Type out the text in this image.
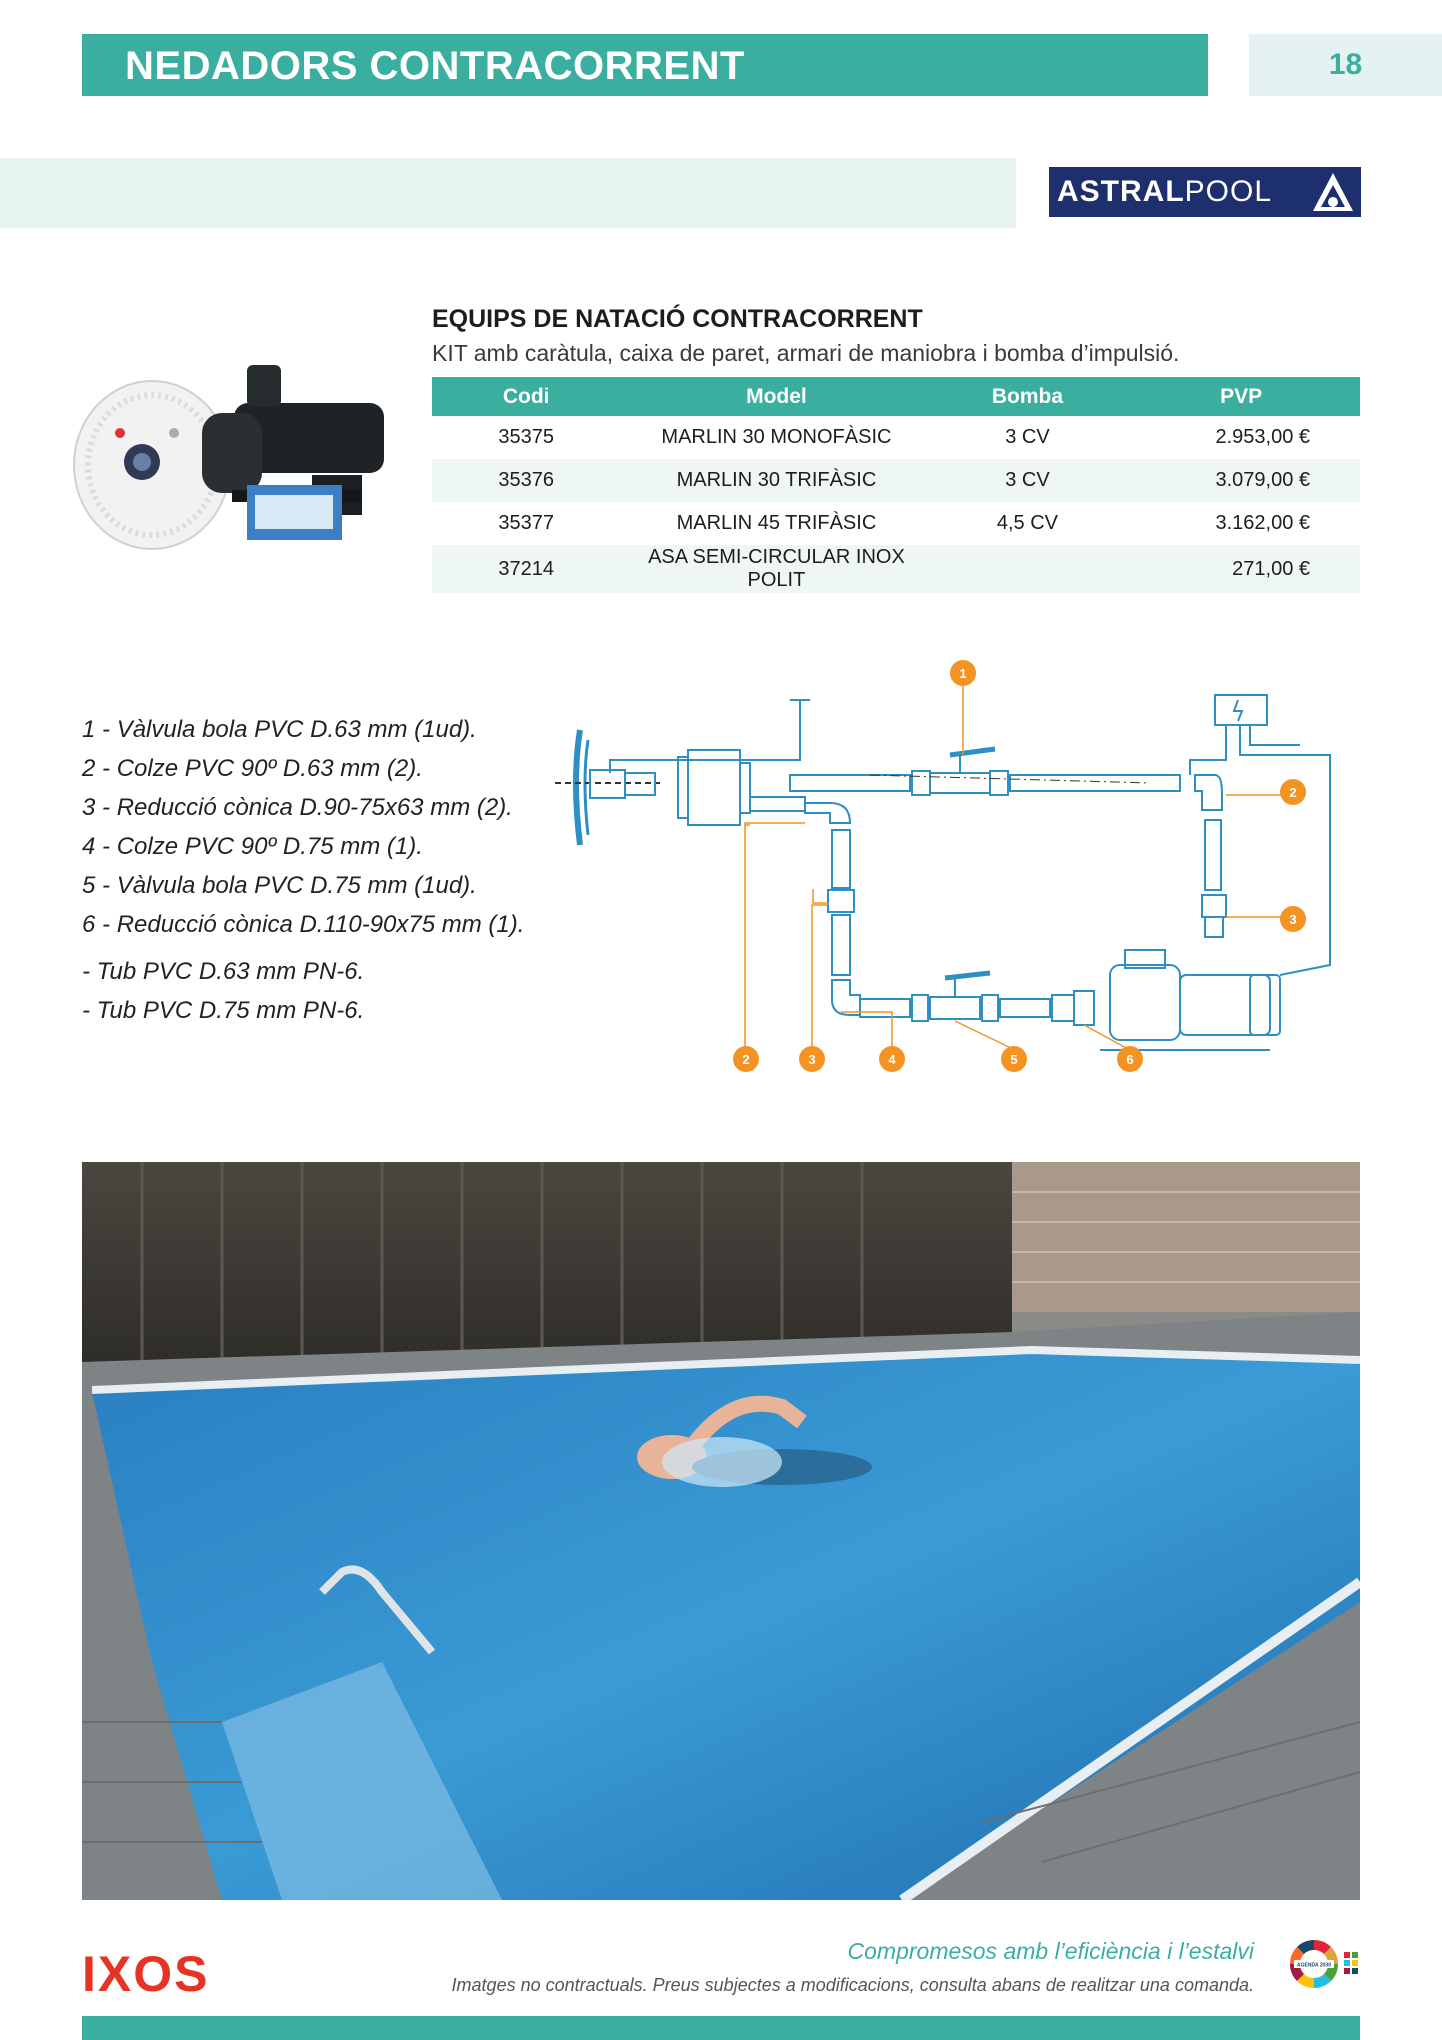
NEDADORS CONTRACORRENT	18
ASTRALPOOL
EQUIPS DE NATACIÓ CONTRACORRENT
KIT amb caràtula, caixa de paret, armari de maniobra i bomba d’impulsió.
Codi	Model	Bomba	PVP
35375	MARLIN 30 MONOFÀSIC	3 CV	2.953,00 €
35376	MARLIN 30 TRIFÀSIC	3 CV	3.079,00 €
35377	MARLIN 45 TRIFÀSIC	4,5 CV	3.162,00 €
37214	ASA SEMI-CIRCULAR INOX POLIT		271,00 €
1 - Vàlvula bola PVC D.63 mm (1ud).
2 - Colze PVC 90º D.63 mm (2).
3 - Reducció cònica D.90-75x63 mm (2).
4 - Colze PVC 90º D.75 mm (1).
5 - Vàlvula bola PVC D.75 mm (1ud).
6 - Reducció cònica D.110-90x75 mm (1).
- Tub PVC D.63 mm PN-6.
- Tub PVC D.75 mm PN-6.
1
2
3
2	3	4	5	6
IXOS	Compromesos amb l’eficiència i l’estalvi
Imatges no contractuals. Preus subjectes a modificacions, consulta abans de realitzar una comanda.
AGENDA 2030
